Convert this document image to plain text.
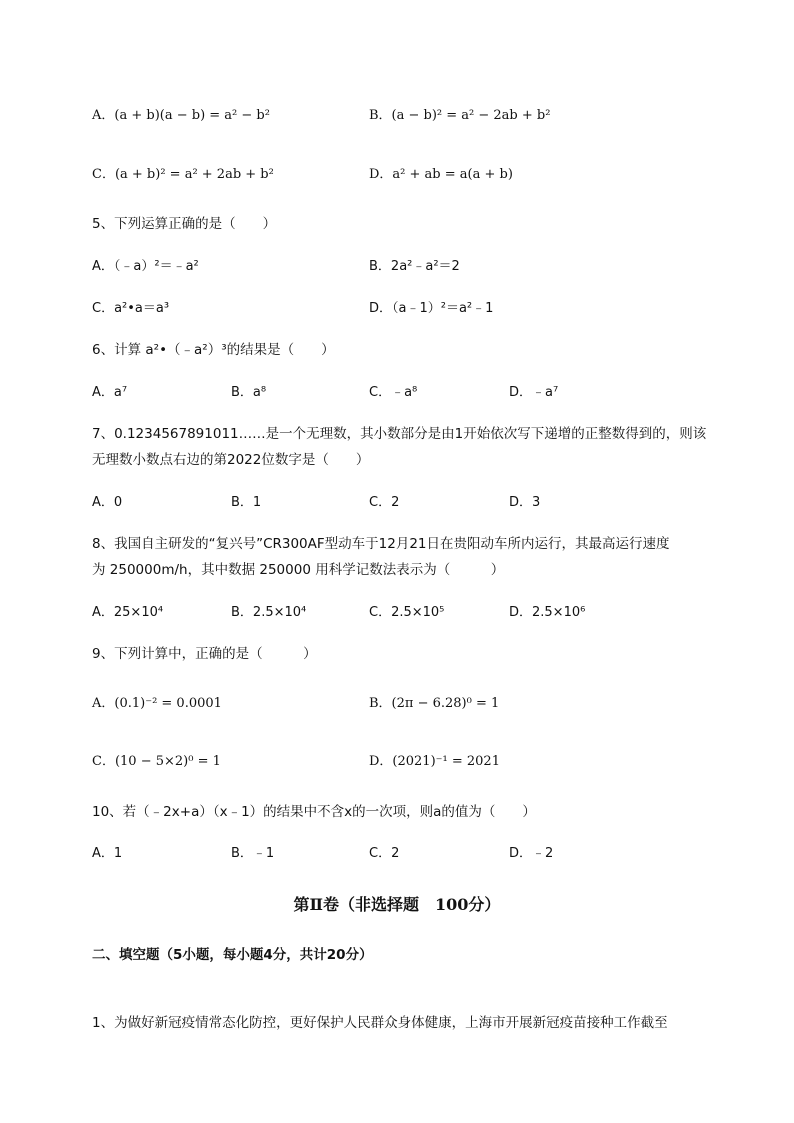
A．(a + b)(a − b) = a² − b²	B．(a − b)² = a² − 2ab + b²
C．(a + b)² = a² + 2ab + b²	D．a² + ab = a(a + b)
5、下列运算正确的是（　　）
A．（﹣a）²＝﹣a²	B．2a²﹣a²＝2
C．a²•a＝a³	D．（a﹣1）²＝a²﹣1
6、计算 a²•（﹣a²）³的结果是（　　）
A．a⁷	B．a⁸	C．﹣a⁸	D．﹣a⁷
7、0.1234567891011……是一个无理数，其小数部分是由1开始依次写下递增的正整数得到的，则该
无理数小数点右边的第2022位数字是（　　）
A．0	B．1	C．2	D．3
8、我国自主研发的“复兴号”CR300AF型动车于12月21日在贵阳动车所内运行，其最高运行速度
为 250000m/h，其中数据 250000 用科学记数法表示为（　　　）
A．25×10⁴	B．2.5×10⁴	C．2.5×10⁵	D．2.5×10⁶
9、下列计算中，正确的是（　　　）
A．(0.1)⁻² = 0.0001	B．(2π − 6.28)⁰ = 1
C．(10 − 5×2)⁰ = 1	D．(2021)⁻¹ = 2021
10、若（﹣2x+a）（x﹣1）的结果中不含x的一次项，则a的值为（　　）
A．1	B．﹣1	C．2	D．﹣2
第Ⅱ卷（非选择题　100分）
二、填空题（5小题，每小题4分，共计20分）
1、为做好新冠疫情常态化防控，更好保护人民群众身体健康，上海市开展新冠疫苗接种工作截至
